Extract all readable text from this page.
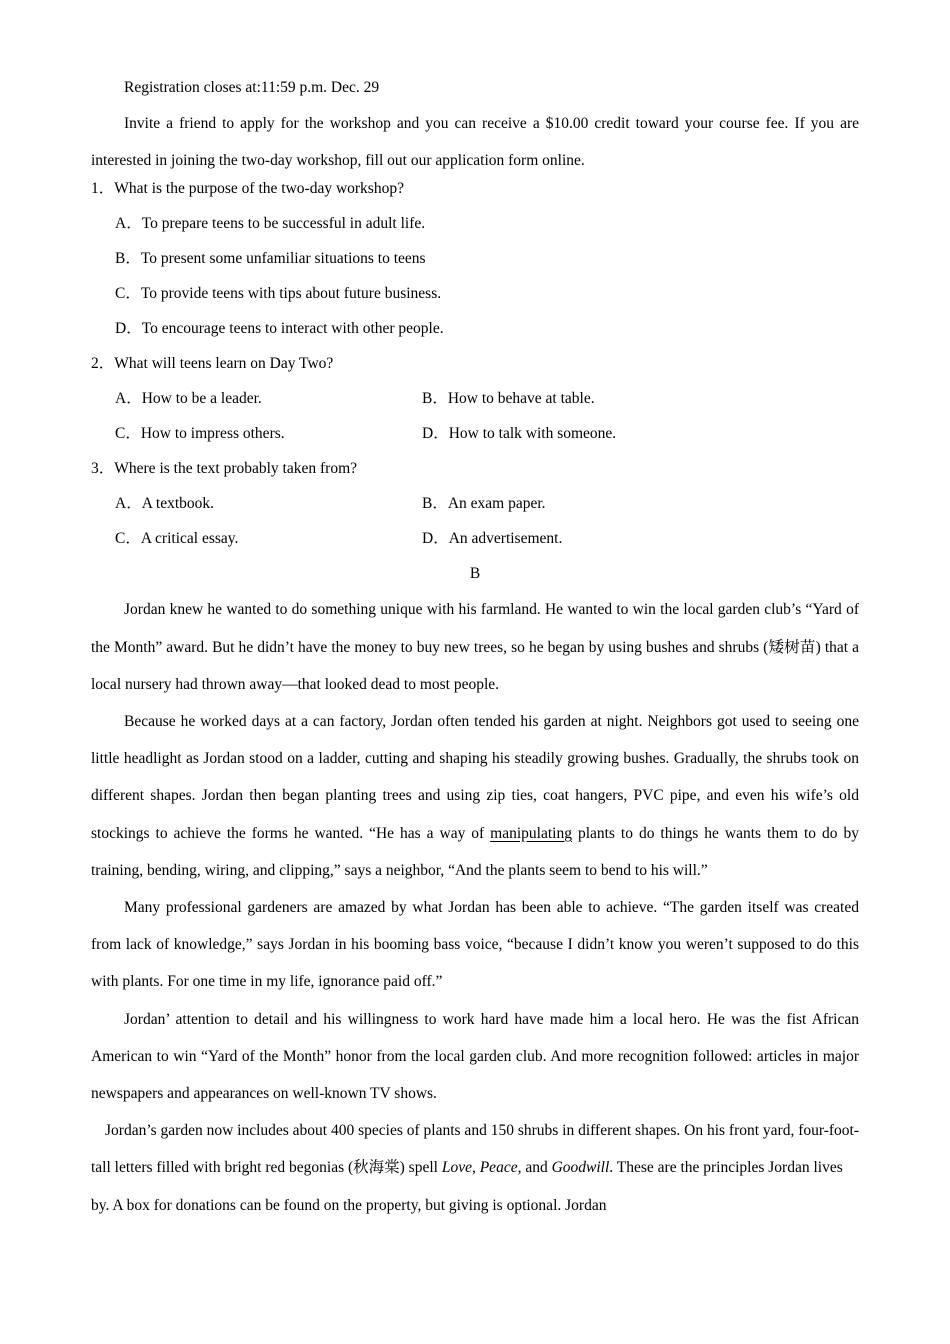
Registration closes at:11:59 p.m. Dec. 29

Invite a friend to apply for the workshop and you can receive a $10.00 credit toward your course fee. If you are interested in joining the two-day workshop, fill out our application form online.

1．What is the purpose of the two-day workshop?
A．To prepare teens to be successful in adult life.
B．To present some unfamiliar situations to teens
C．To provide teens with tips about future business.
D．To encourage teens to interact with other people.
2．What will teens learn on Day Two?
A．How to be a leader.	B．How to behave at table.
C．How to impress others.	D．How to talk with someone.
3．Where is the text probably taken from?
A．A textbook.	B．An exam paper.
C．A critical essay.	D．An advertisement.
B

Jordan knew he wanted to do something unique with his farmland. He wanted to win the local garden club’s “Yard of the Month” award. But he didn’t have the money to buy new trees, so he began by using bushes and shrubs (矮树苗) that a local nursery had thrown away—that looked dead to most people.

Because he worked days at a can factory, Jordan often tended his garden at night. Neighbors got used to seeing one little headlight as Jordan stood on a ladder, cutting and shaping his steadily growing bushes. Gradually, the shrubs took on different shapes. Jordan then began planting trees and using zip ties, coat hangers, PVC pipe, and even his wife’s old stockings to achieve the forms he wanted. “He has a way of manipulating plants to do things he wants them to do by training, bending, wiring, and clipping,” says a neighbor, “And the plants seem to bend to his will.”

Many professional gardeners are amazed by what Jordan has been able to achieve. “The garden itself was created from lack of knowledge,” says Jordan in his booming bass voice, “because I didn’t know you weren’t supposed to do this with plants. For one time in my life, ignorance paid off.”

Jordan’ attention to detail and his willingness to work hard have made him a local hero. He was the fist African American to win “Yard of the Month” honor from the local garden club. And more recognition followed: articles in major newspapers and appearances on well-known TV shows.

Jordan’s garden now includes about 400 species of plants and 150 shrubs in different shapes. On his front yard, four-foot-tall letters filled with bright red begonias (秋海棠) spell Love, Peace, and Goodwill. These are the principles Jordan lives by. A box for donations can be found on the property, but giving is optional. Jordan
